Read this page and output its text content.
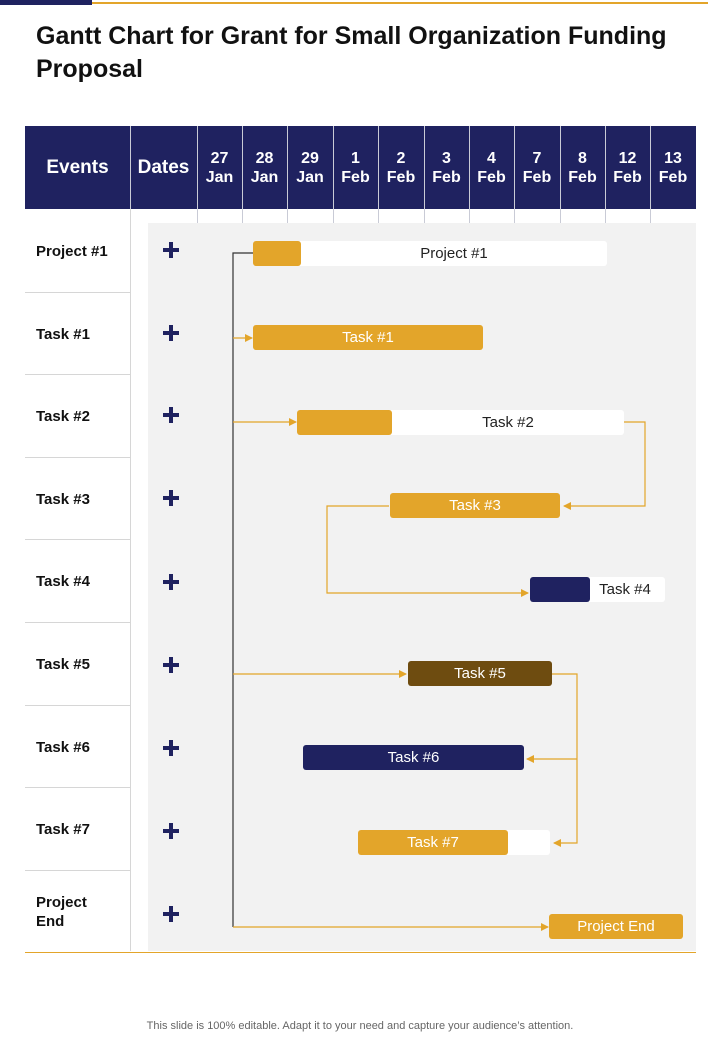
Gantt Chart for Grant for Small Organization Funding Proposal
Events	Dates	27
Jan
28
Jan
29
Jan
1
Feb
2
Feb
3
Feb
4
Feb
7
Feb
8
Feb
12
Feb
13
Feb
Project #1
Task #1
Task #2
Task #3
Task #4
Task #5
Task #6
Task #7
Project End
Project #1
Task #1
Task #2
Task #3
Task #4
Task #5
Task #6
Task #7
Project End
This slide is 100% editable. Adapt it to your need and capture your audience’s attention.
